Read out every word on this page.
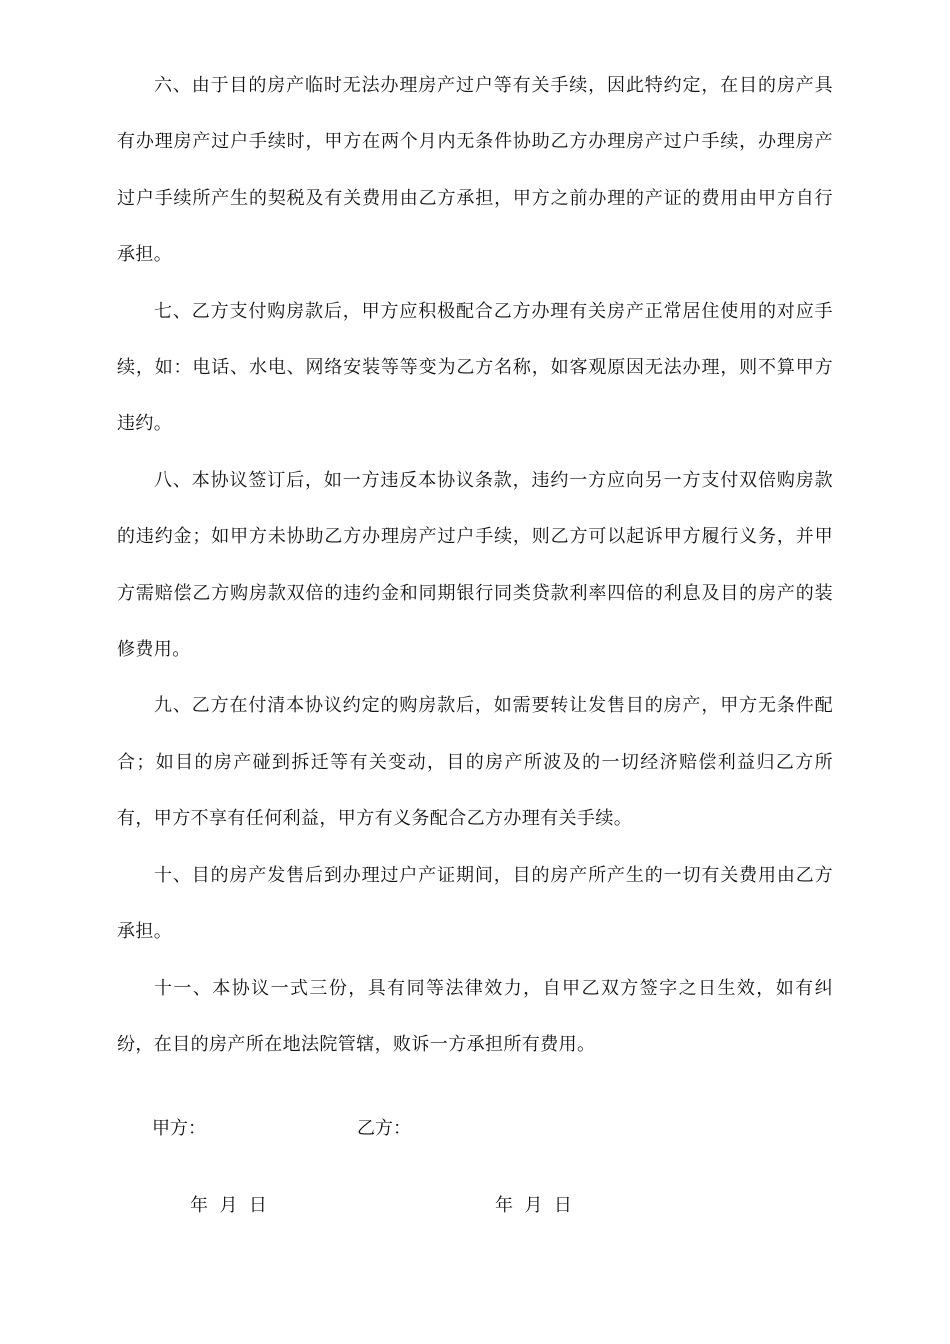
六、由于目的房产临时无法办理房产过户等有关手续，因此特约定，在目的房产具有办理房产过户手续时，甲方在两个月内无条件协助乙方办理房产过户手续，办理房产过户手续所产生的契税及有关费用由乙方承担，甲方之前办理的产证的费用由甲方自行承担。

七、乙方支付购房款后，甲方应积极配合乙方办理有关房产正常居住使用的对应手续，如：电话、水电、网络安装等等变为乙方名称，如客观原因无法办理，则不算甲方违约。

八、本协议签订后，如一方违反本协议条款，违约一方应向另一方支付双倍购房款的违约金；如甲方未协助乙方办理房产过户手续，则乙方可以起诉甲方履行义务，并甲方需赔偿乙方购房款双倍的违约金和同期银行同类贷款利率四倍的利息及目的房产的装修费用。

九、乙方在付清本协议约定的购房款后，如需要转让发售目的房产，甲方无条件配合；如目的房产碰到拆迁等有关变动，目的房产所波及的一切经济赔偿利益归乙方所有，甲方不享有任何利益，甲方有义务配合乙方办理有关手续。

十、目的房产发售后到办理过户产证期间，目的房产所产生的一切有关费用由乙方承担。

十一、本协议一式三份，具有同等法律效力，自甲乙双方签字之日生效，如有纠纷，在目的房产所在地法院管辖，败诉一方承担所有费用。

甲方：	乙方：
年  月  日	年  月  日
